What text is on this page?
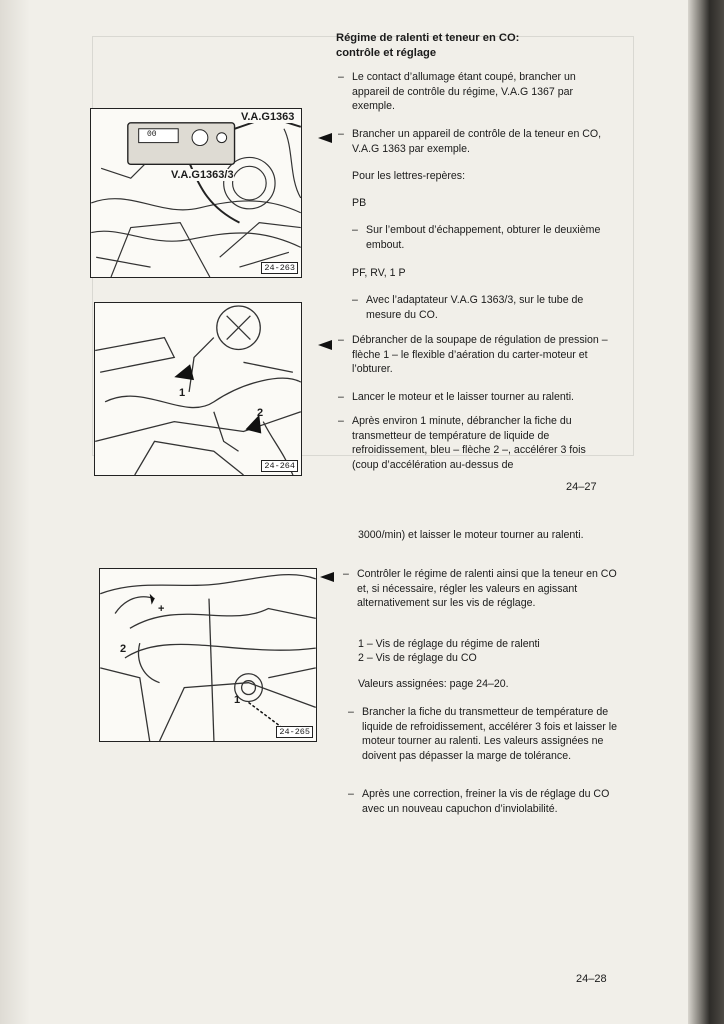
Régime de ralenti et teneur en CO:
contrôle et réglage
– Le contact d’allumage étant coupé, brancher un appareil de contrôle du régime, V.A.G 1367 par exemple.
– Brancher un appareil de contrôle de la teneur en CO, V.A.G 1363 par exemple.
Pour les lettres-repères:
PB
– Sur l’embout d’échappement, obturer le deuxième embout.
PF, RV, 1 P
– Avec l’adaptateur V.A.G 1363/3, sur le tube de mesure du CO.
– Débrancher de la soupape de régulation de pression – flèche 1 – le flexible d’aération du carter-moteur et l’obturer.
– Lancer le moteur et le laisser tourner au ralenti.
– Après environ 1 minute, débrancher la fiche du transmetteur de température de liquide de refroidissement, bleu – flèche 2 –, accélérer 3 fois (coup d’accélération au-dessus de
24–27
3000/min) et laisser le moteur tourner au ralenti.
– Contrôler le régime de ralenti ainsi que la teneur en CO et, si nécessaire, régler les valeurs en agissant alternativement sur les vis de réglage.
1 – Vis de réglage du régime de ralenti
2 – Vis de réglage du CO
Valeurs assignées: page 24–20.
– Brancher la fiche du transmetteur de température de liquide de refroidissement, accélérer 3 fois et laisser le moteur tourner au ralenti. Les valeurs assignées ne doivent pas dépasser la marge de tolérance.
– Après une correction, freiner la vis de réglage du CO avec un nouveau capuchon d’inviolabilité.
24–28
00
V.A.G1363
V.A.G1363/3
24-263
1
2
24-264
+
2
1
24-265
